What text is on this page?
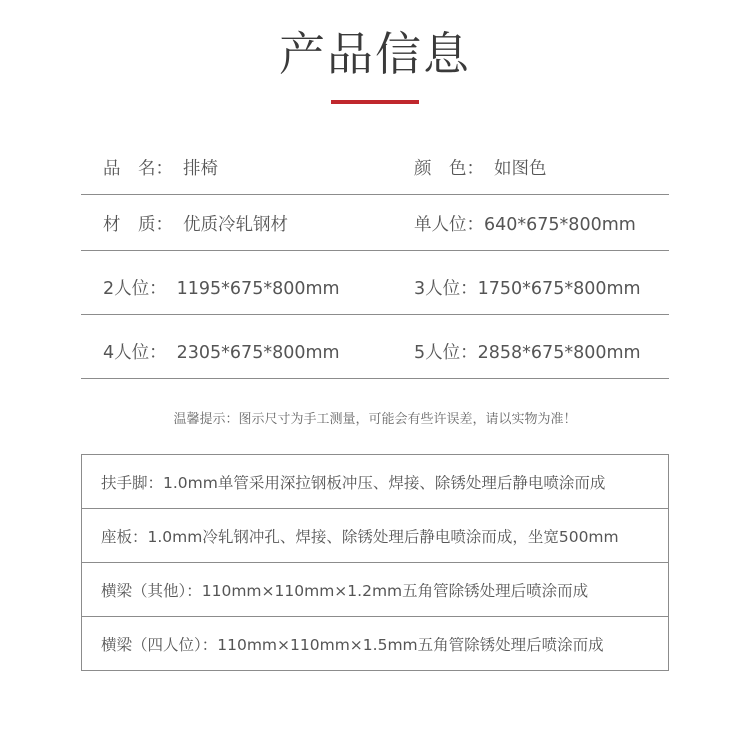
产品信息
品　名： 排椅	颜　色： 如图色
材　质： 优质冷轧钢材	单人位：640*675*800mm
2人位： 1195*675*800mm	3人位：1750*675*800mm
4人位： 2305*675*800mm	5人位：2858*675*800mm
温馨提示：图示尺寸为手工测量，可能会有些许误差，请以实物为准！
扶手脚：1.0mm单管采用深拉钢板冲压、焊接、除锈处理后静电喷涂而成
座板：1.0mm冷轧钢冲孔、焊接、除锈处理后静电喷涂而成，坐宽500mm
横梁（其他）：110mm×110mm×1.2mm五角管除锈处理后喷涂而成
横梁（四人位）：110mm×110mm×1.5mm五角管除锈处理后喷涂而成
